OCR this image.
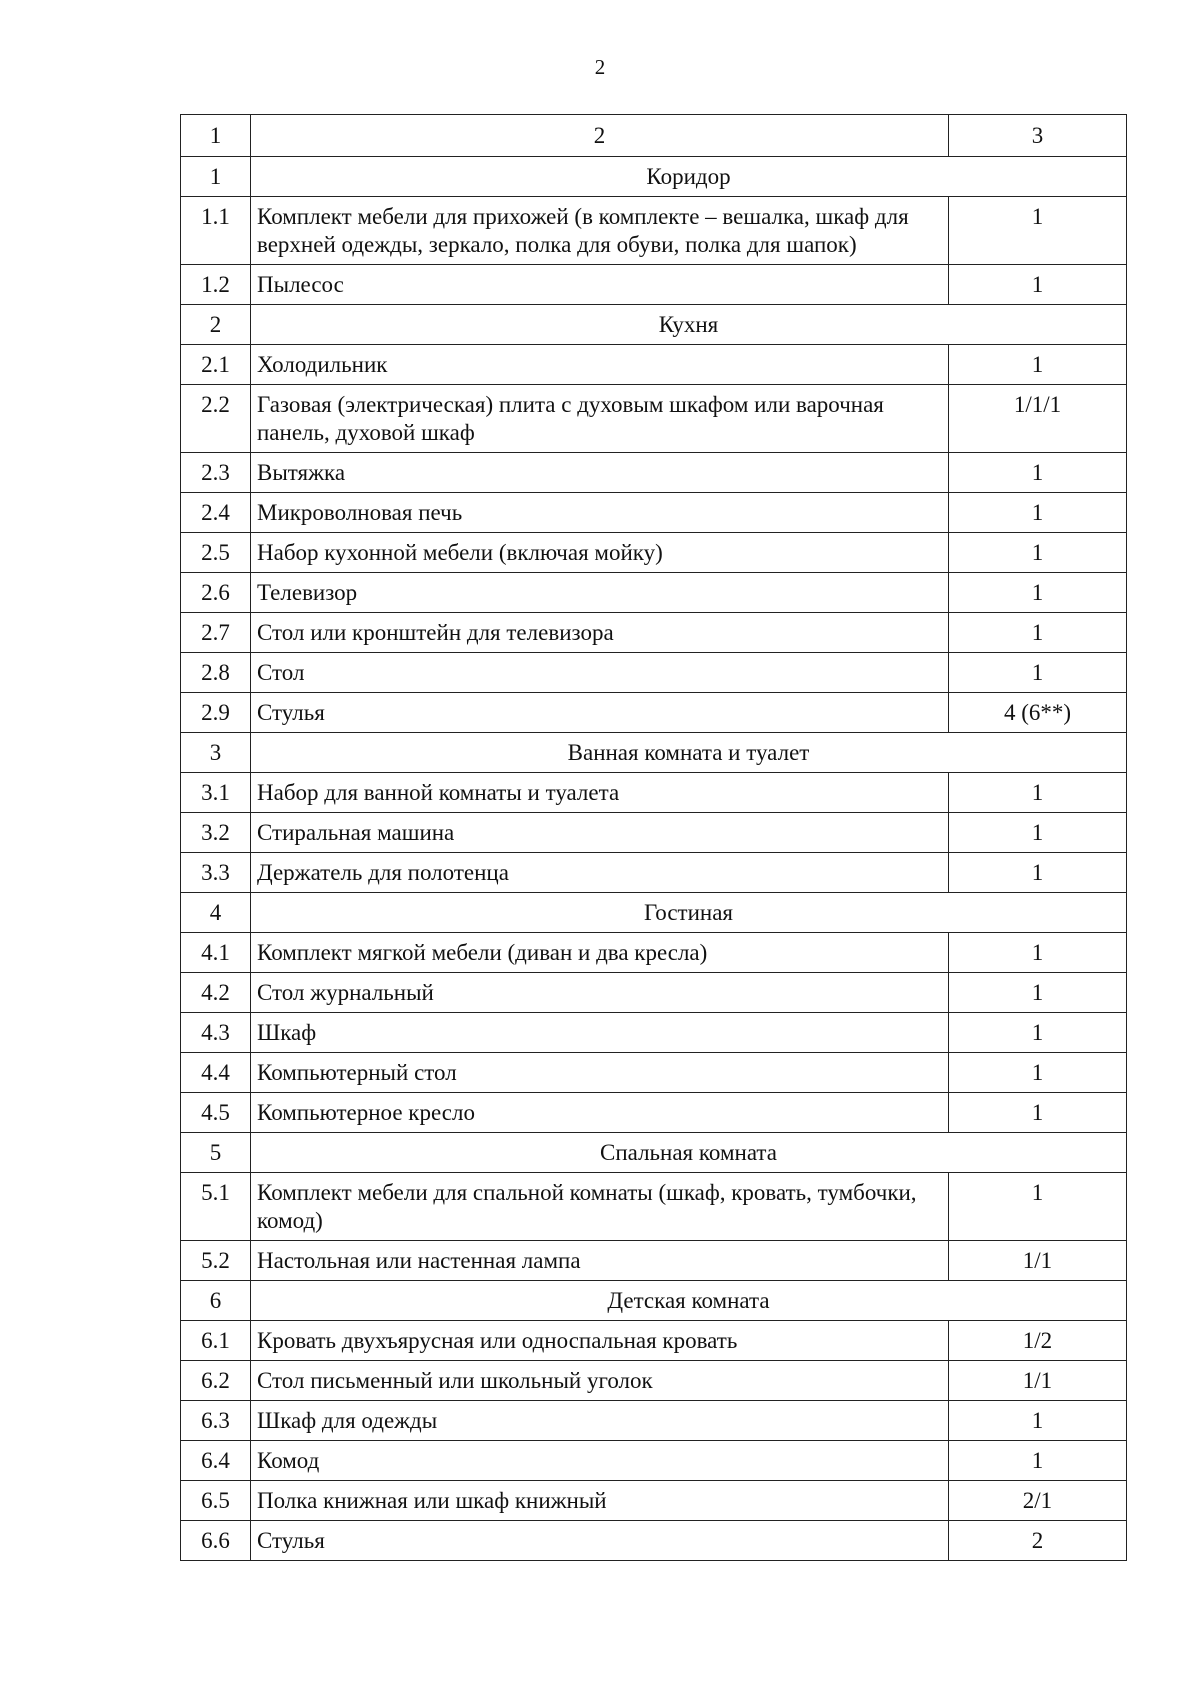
2
1	2	3
1	Коридор	
1.1	Комплект мебели для прихожей (в комплекте – вешалка, шкаф для верхней одежды, зеркало, полка для обуви, полка для шапок)	1
1.2	Пылесос	1
2	Кухня	
2.1	Холодильник	1
2.2	Газовая (электрическая) плита с духовым шкафом или варочная панель, духовой шкаф	1/1/1
2.3	Вытяжка	1
2.4	Микроволновая печь	1
2.5	Набор кухонной мебели (включая мойку)	1
2.6	Телевизор	1
2.7	Стол или кронштейн для телевизора	1
2.8	Стол	1
2.9	Стулья	4 (6**)
3	Ванная комната и туалет	
3.1	Набор для ванной комнаты и туалета	1
3.2	Стиральная машина	1
3.3	Держатель для полотенца	1
4	Гостиная	
4.1	Комплект мягкой мебели (диван и два кресла)	1
4.2	Стол журнальный	1
4.3	Шкаф	1
4.4	Компьютерный стол	1
4.5	Компьютерное кресло	1
5	Спальная комната	
5.1	Комплект мебели для спальной комнаты (шкаф, кровать, тумбочки, комод)	1
5.2	Настольная или настенная лампа	1/1
6	Детская комната	
6.1	Кровать двухъярусная или односпальная кровать	1/2
6.2	Стол письменный или школьный уголок	1/1
6.3	Шкаф для одежды	1
6.4	Комод	1
6.5	Полка книжная или шкаф книжный	2/1
6.6	Стулья	2
